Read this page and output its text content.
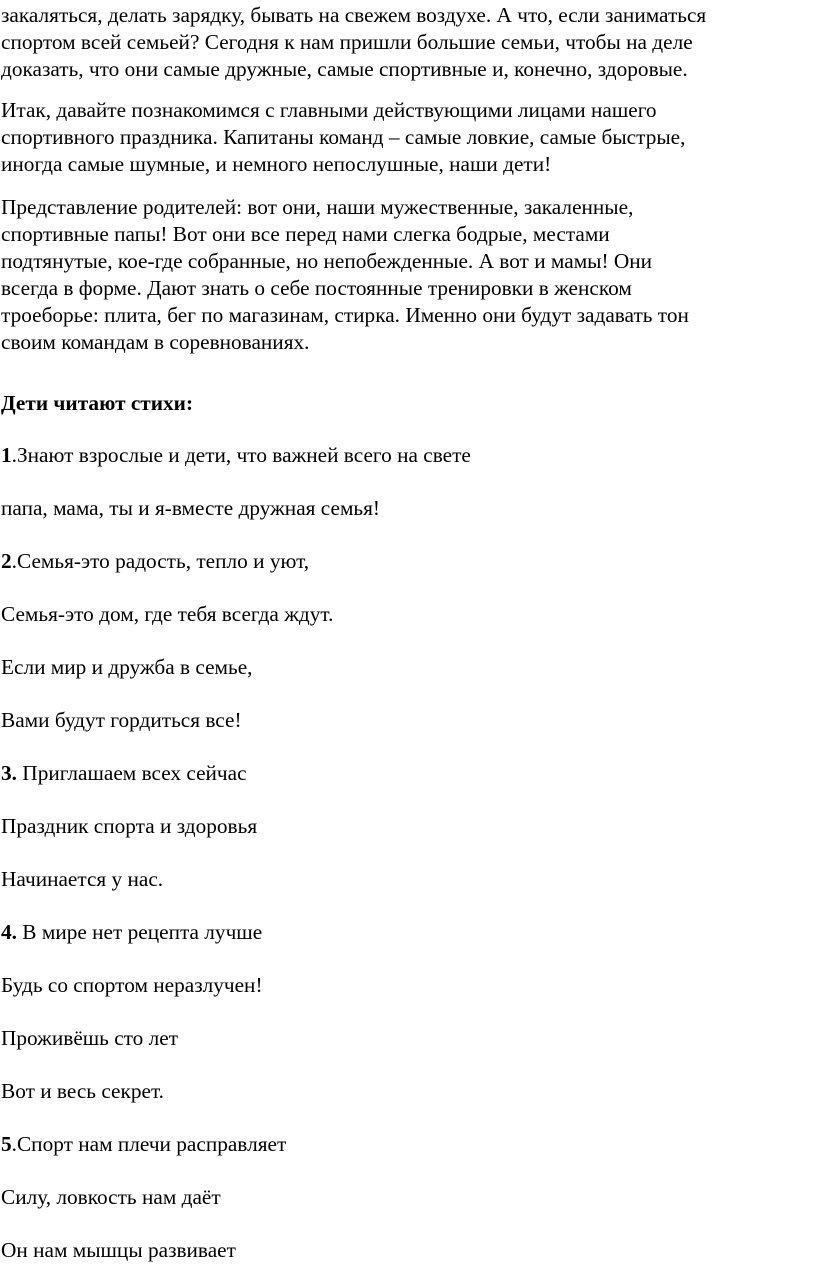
закаляться, делать зарядку, бывать на свежем воздухе. А что, если заниматься
спортом всей семьей? Сегодня к нам пришли большие семьи, чтобы на деле
доказать, что они самые дружные, самые спортивные и, конечно, здоровые.

Итак, давайте познакомимся с главными действующими лицами нашего
спортивного праздника. Капитаны команд – самые ловкие, самые быстрые,
иногда самые шумные, и немного непослушные, наши дети!

Представление родителей: вот они, наши мужественные, закаленные,
спортивные папы! Вот они все перед нами слегка бодрые, местами
подтянутые, кое-где собранные, но непобежденные. А вот и мамы! Они
всегда в форме. Дают знать о себе постоянные тренировки в женском
троеборье: плита, бег по магазинам, стирка. Именно они будут задавать тон
своим командам в соревнованиях.

Дети читают стихи:

1.Знают взрослые и дети, что важней всего на свете

папа, мама, ты и я-вместе дружная семья!

2.Семья-это радость, тепло и уют,

Семья-это дом, где тебя всегда ждут.

Если мир и дружба в семье,

Вами будут гордиться все!

3. Приглашаем всех сейчас

Праздник спорта и здоровья

Начинается у нас.

4. В мире нет рецепта лучше

Будь со спортом неразлучен!

Проживёшь сто лет

Вот и весь секрет.

5.Спорт нам плечи расправляет

Силу, ловкость нам даёт

Он нам мышцы развивает
